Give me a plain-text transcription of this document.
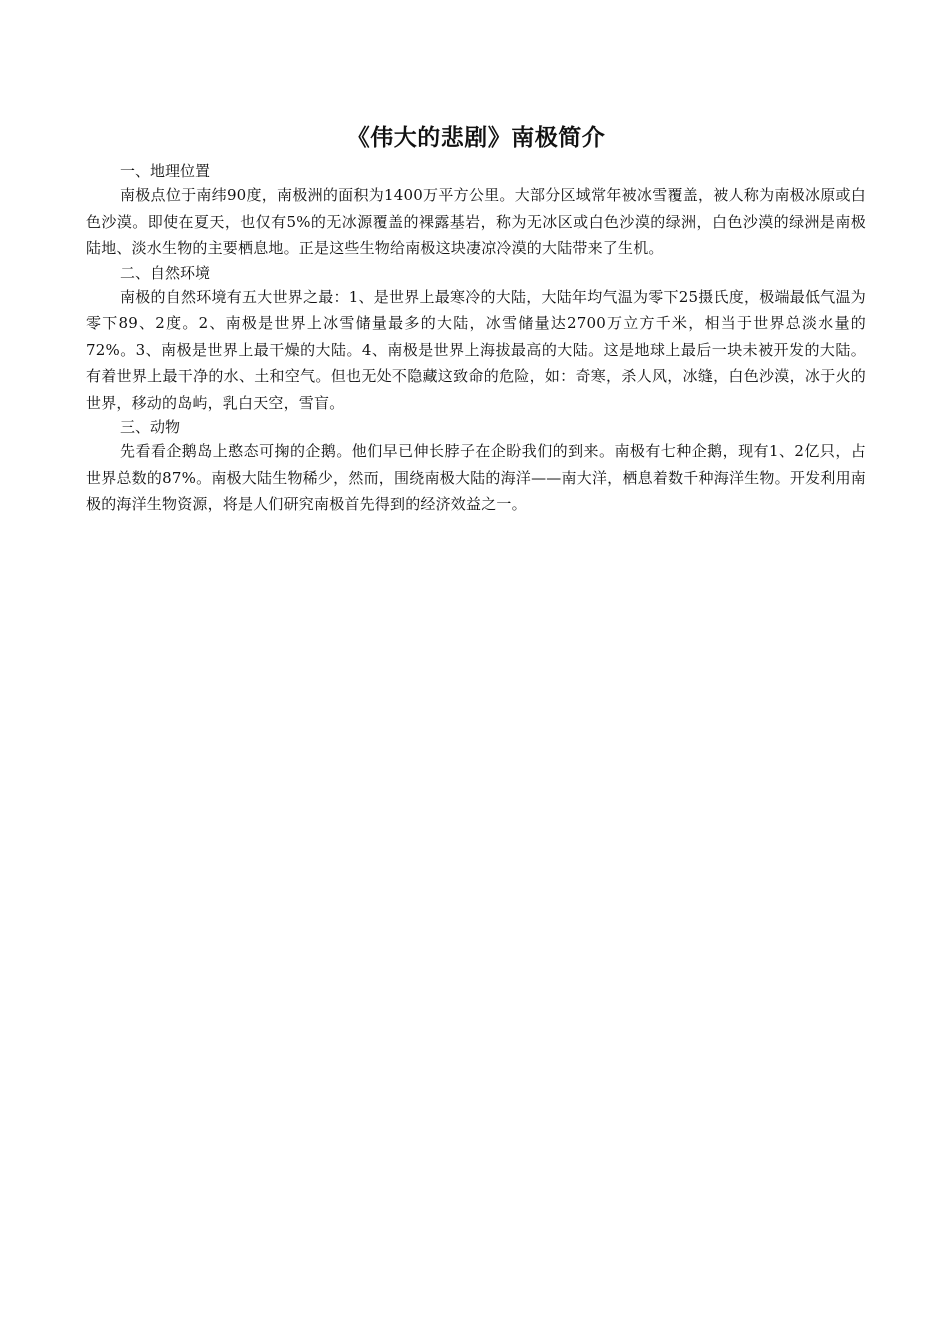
《伟大的悲剧》南极简介

一、地理位置

南极点位于南纬90度，南极洲的面积为1400万平方公里。大部分区域常年被冰雪覆盖，被人称为南极冰原或白色沙漠。即使在夏天，也仅有5%的无冰源覆盖的裸露基岩，称为无冰区或白色沙漠的绿洲，白色沙漠的绿洲是南极陆地、淡水生物的主要栖息地。正是这些生物给南极这块凄凉冷漠的大陆带来了生机。

二、自然环境

南极的自然环境有五大世界之最：1、是世界上最寒冷的大陆，大陆年均气温为零下25摄氏度，极端最低气温为零下89、2度。2、南极是世界上冰雪储量最多的大陆，冰雪储量达2700万立方千米，相当于世界总淡水量的72%。3、南极是世界上最干燥的大陆。4、南极是世界上海拔最高的大陆。这是地球上最后一块未被开发的大陆。有着世界上最干净的水、土和空气。但也无处不隐藏这致命的危险，如：奇寒，杀人风，冰缝，白色沙漠，冰于火的世界，移动的岛屿，乳白天空，雪盲。

三、动物

先看看企鹅岛上憨态可掬的企鹅。他们早已伸长脖子在企盼我们的到来。南极有七种企鹅，现有1、2亿只，占世界总数的87%。南极大陆生物稀少，然而，围绕南极大陆的海洋——南大洋，栖息着数千种海洋生物。开发利用南极的海洋生物资源，将是人们研究南极首先得到的经济效益之一。
